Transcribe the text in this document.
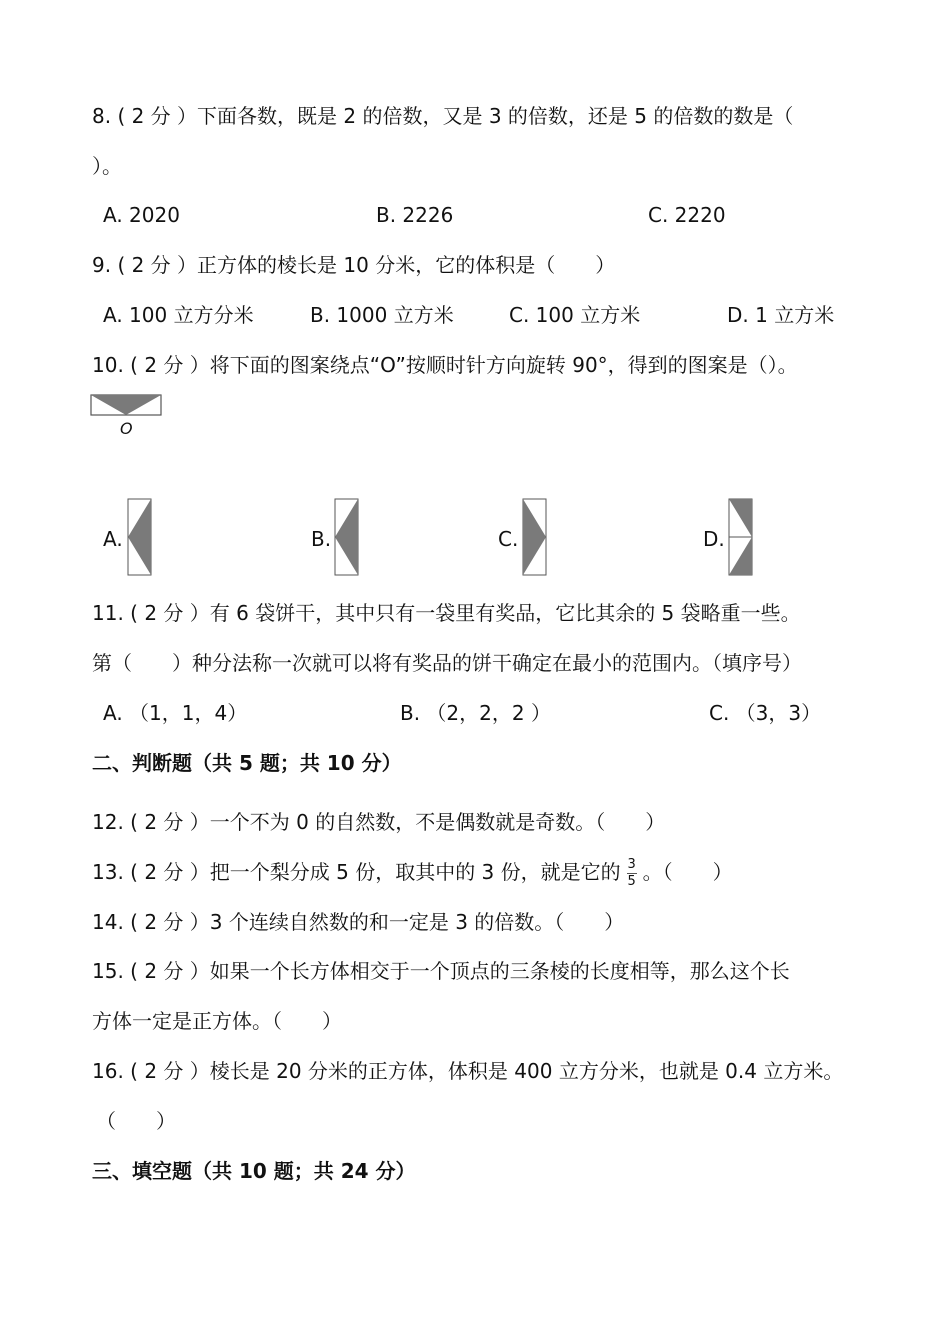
8. ( 2 分 ）下面各数，既是 2 的倍数，又是 3 的倍数，还是 5 的倍数的数是（
）。
A. 2020	B. 2226	C. 2220
9. ( 2 分 ）正方体的棱长是 10 分米，它的体积是（　　）
A. 100 立方分米	B. 1000 立方米	C. 100 立方米	D. 1 立方米
10. ( 2 分 ）将下面的图案绕点“O”按顺时针方向旋转 90°，得到的图案是（）。
O
A.	B.	C.	D.
11. ( 2 分 ）有 6 袋饼干，其中只有一袋里有奖品，它比其余的 5 袋略重一些。
第（　　）种分法称一次就可以将有奖品的饼干确定在最小的范围内。（填序号）
A. （1，1，4）	B. （2，2，2 ）	C. （3，3）
二、判断题（共 5 题；共 10 分）
12. ( 2 分 ）一个不为 0 的自然数，不是偶数就是奇数。（　　）
13. ( 2 分 ）把一个梨分成 5 份，取其中的 3 份，就是它的 $\frac{3}{5}$ 。（　　）
14. ( 2 分 ）3 个连续自然数的和一定是 3 的倍数。（　　）
15. ( 2 分 ）如果一个长方体相交于一个顶点的三条棱的长度相等，那么这个长
方体一定是正方体。（　　）
16. ( 2 分 ）棱长是 20 分米的正方体，体积是 400 立方分米，也就是 0.4 立方米。
（　　）
三、填空题（共 10 题；共 24 分）
